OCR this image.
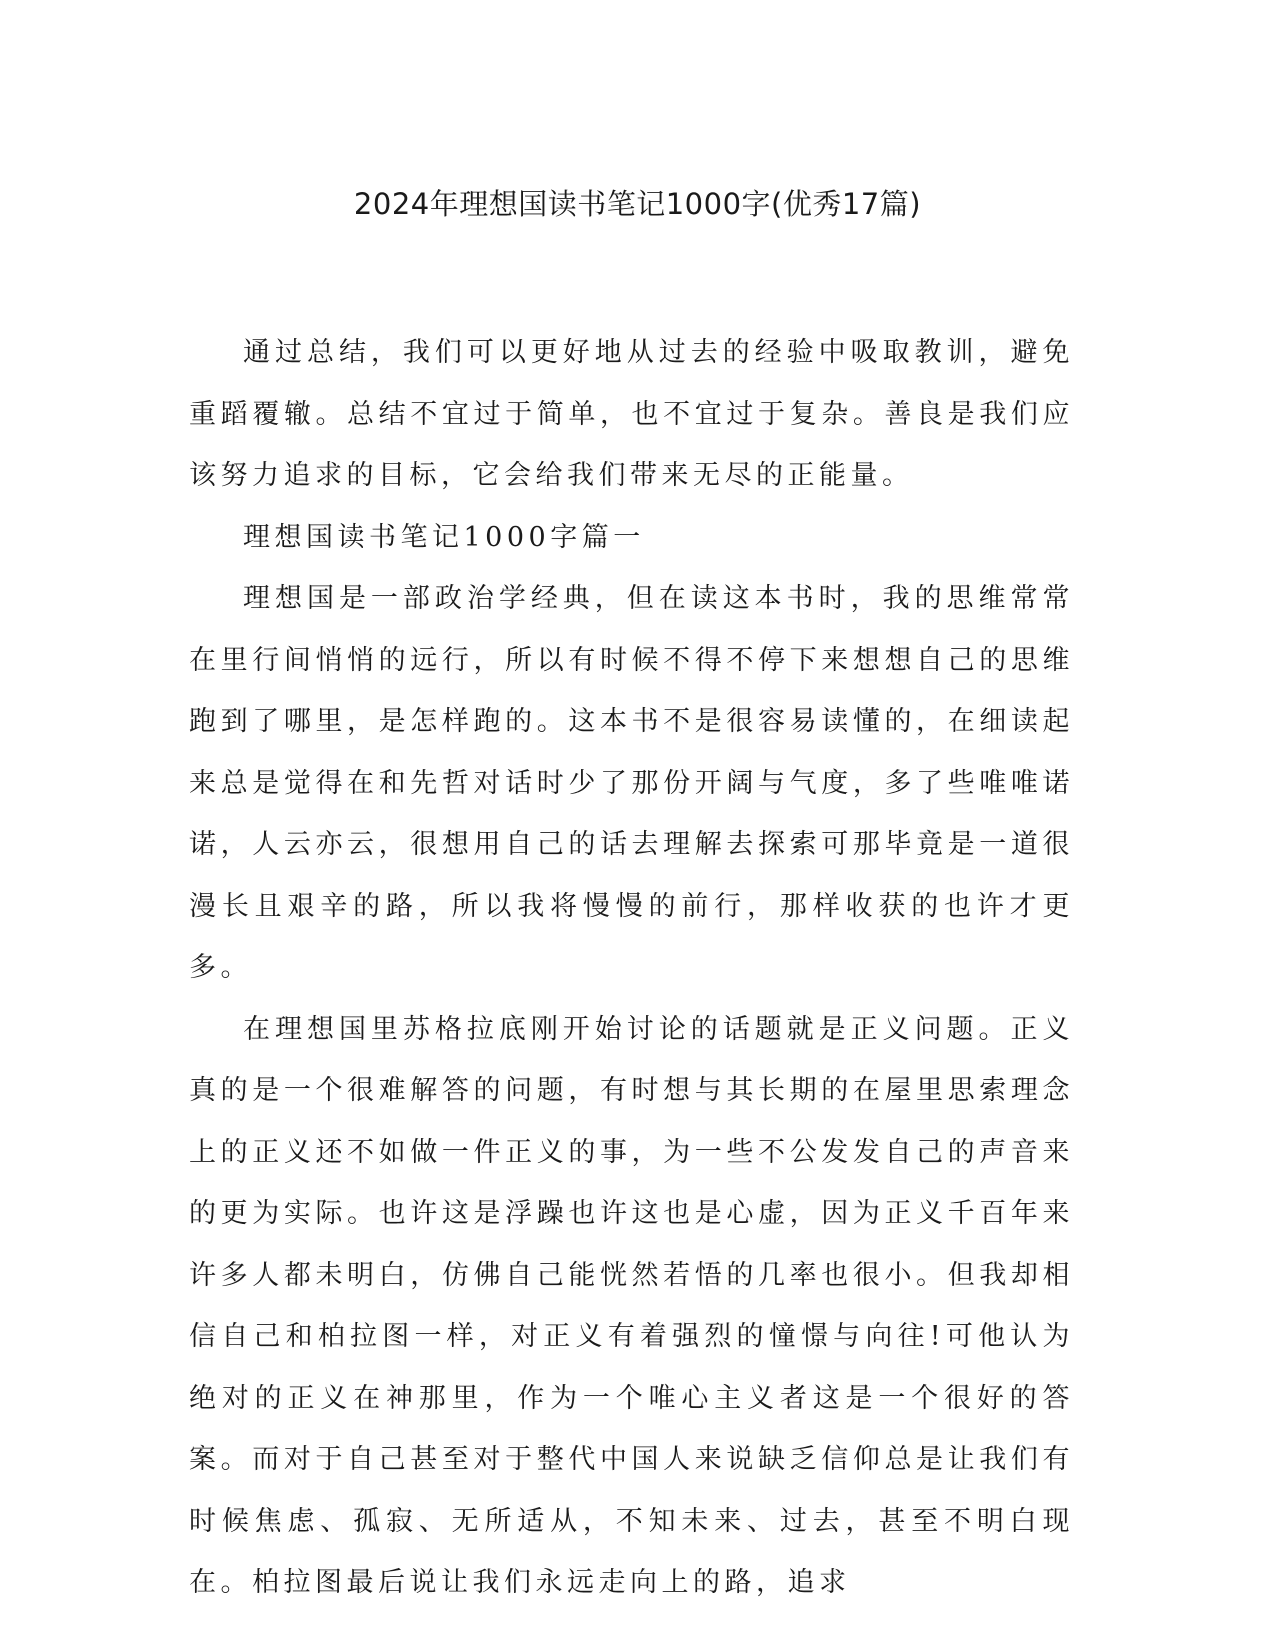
2024年理想国读书笔记1000字(优秀17篇)

通过总结，我们可以更好地从过去的经验中吸取教训，避免重蹈覆辙。总结不宜过于简单，也不宜过于复杂。善良是我们应该努力追求的目标，它会给我们带来无尽的正能量。

理想国读书笔记1000字篇一

理想国是一部政治学经典，但在读这本书时，我的思维常常在里行间悄悄的远行，所以有时候不得不停下来想想自己的思维跑到了哪里，是怎样跑的。这本书不是很容易读懂的，在细读起来总是觉得在和先哲对话时少了那份开阔与气度，多了些唯唯诺诺，人云亦云，很想用自己的话去理解去探索可那毕竟是一道很漫长且艰辛的路，所以我将慢慢的前行，那样收获的也许才更多。

在理想国里苏格拉底刚开始讨论的话题就是正义问题。正义真的是一个很难解答的问题，有时想与其长期的在屋里思索理念上的正义还不如做一件正义的事，为一些不公发发自己的声音来的更为实际。也许这是浮躁也许这也是心虚，因为正义千百年来许多人都未明白，仿佛自己能恍然若悟的几率也很小。但我却相信自己和柏拉图一样，对正义有着强烈的憧憬与向往!可他认为绝对的正义在神那里，作为一个唯心主义者这是一个很好的答案。而对于自己甚至对于整代中国人来说缺乏信仰总是让我们有时候焦虑、孤寂、无所适从，不知未来、过去，甚至不明白现在。柏拉图最后说让我们永远走向上的路，追求
